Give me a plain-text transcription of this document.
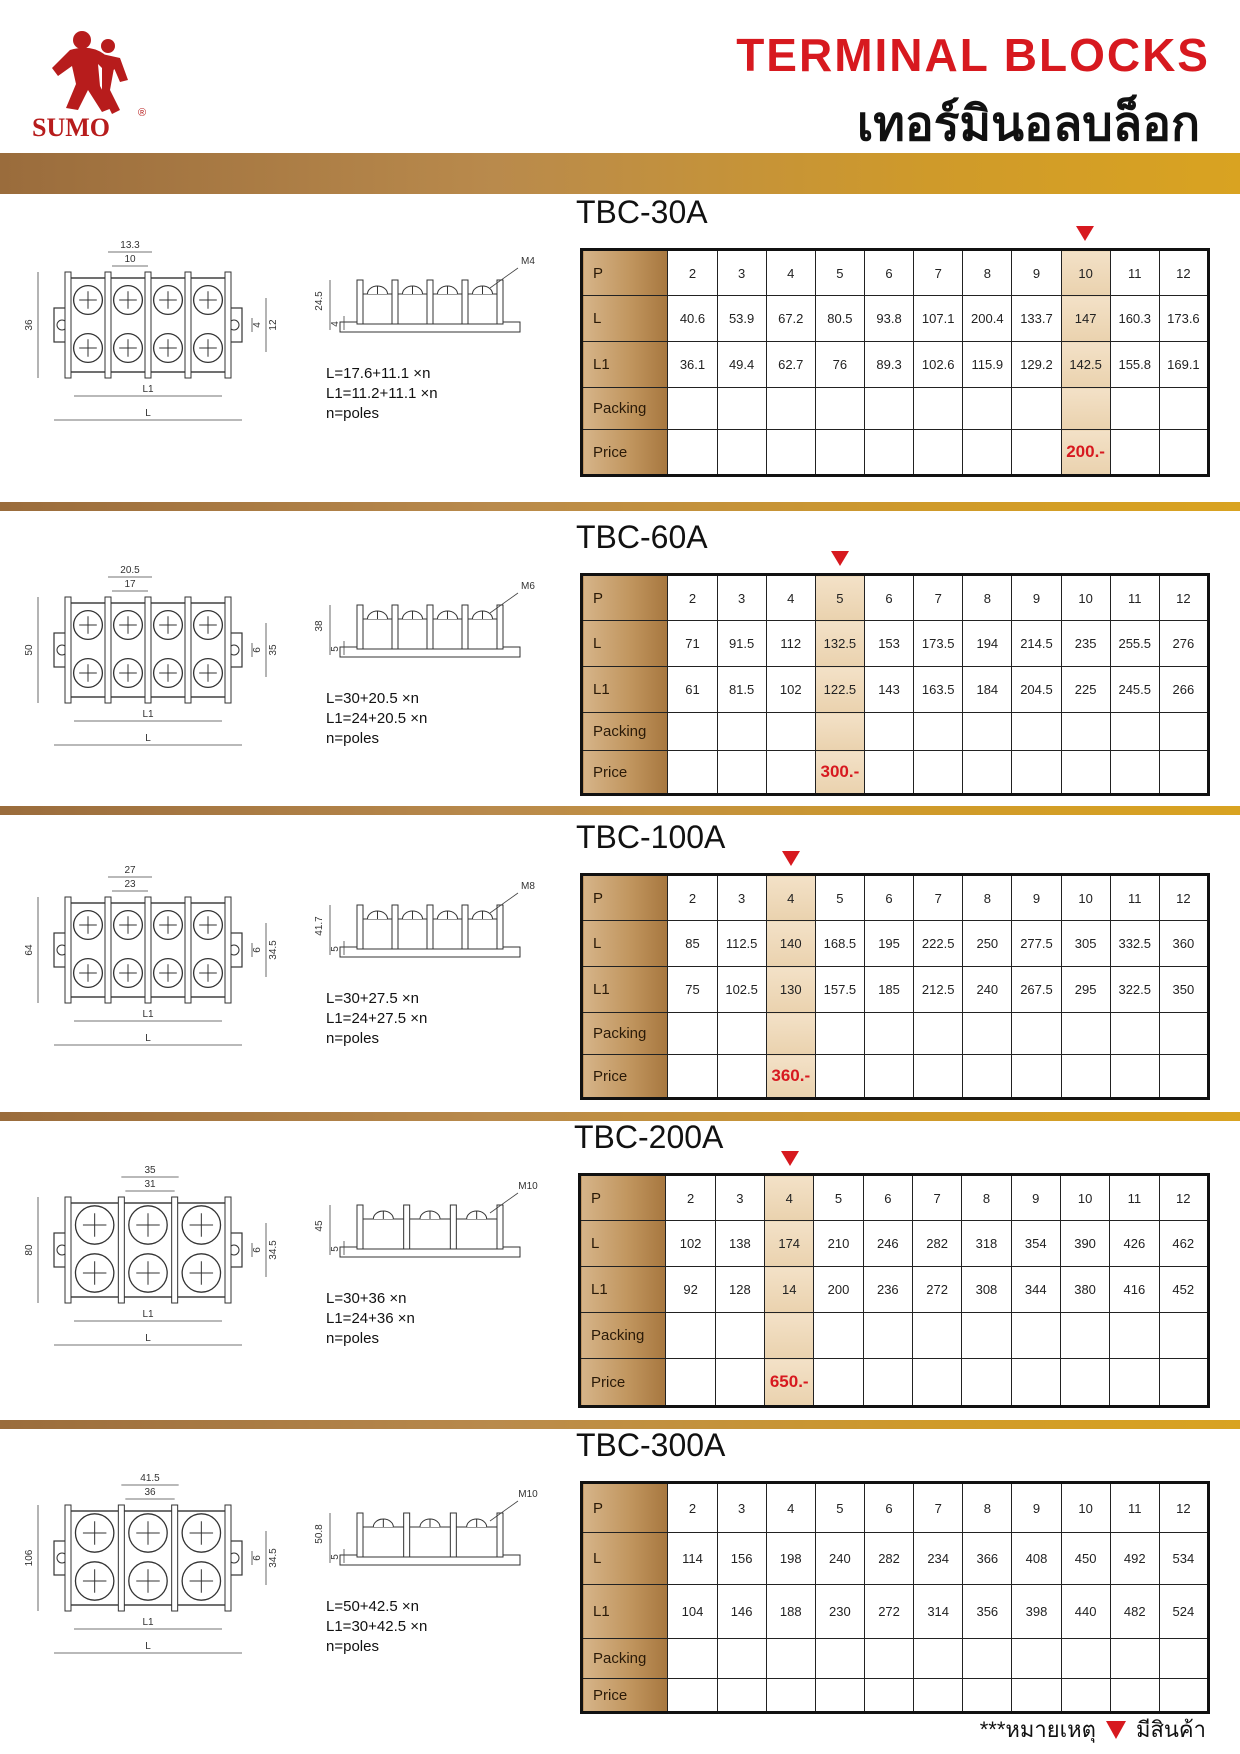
SUMO	®
TERMINAL BLOCKS
เทอร์มินอลบล็อก
***หมายเหตุ มีสินค้า
TBC-30A
P	2	3	4	5	6	7	8	9	10	11	12
L	40.6	53.9	67.2	80.5	93.8	107.1	200.4	133.7	147	160.3	173.6
L1	36.1	49.4	62.7	76	89.3	102.6	115.9	129.2	142.5	155.8	169.1
Packing											
Price									200.-		
L=17.6+11.1 ×n
L1=11.2+11.1 ×n
n=poles
13.3
10
36	12
4
L1
L
24.5
4
M4
TBC-60A
P	2	3	4	5	6	7	8	9	10	11	12
L	71	91.5	112	132.5	153	173.5	194	214.5	235	255.5	276
L1	61	81.5	102	122.5	143	163.5	184	204.5	225	245.5	266
Packing											
Price				300.-							
L=30+20.5 ×n
L1=24+20.5 ×n
n=poles
20.5
17
50	35
6
L1
L
38
5
M6
TBC-100A
P	2	3	4	5	6	7	8	9	10	11	12
L	85	112.5	140	168.5	195	222.5	250	277.5	305	332.5	360
L1	75	102.5	130	157.5	185	212.5	240	267.5	295	322.5	350
Packing											
Price			360.-								
L=30+27.5 ×n
L1=24+27.5 ×n
n=poles
27
23
64	34.5
6
L1
L
41.7
5
M8
TBC-200A
P	2	3	4	5	6	7	8	9	10	11	12
L	102	138	174	210	246	282	318	354	390	426	462
L1	92	128	14	200	236	272	308	344	380	416	452
Packing											
Price			650.-								
L=30+36 ×n
L1=24+36 ×n
n=poles
35
31
80	34.5
6
L1
L
45
5
M10
TBC-300A
P	2	3	4	5	6	7	8	9	10	11	12
L	114	156	198	240	282	234	366	408	450	492	534
L1	104	146	188	230	272	314	356	398	440	482	524
Packing											
Price											
L=50+42.5 ×n
L1=30+42.5 ×n
n=poles
41.5
36
106	34.5
6
L1
L
50.8
5
M10
